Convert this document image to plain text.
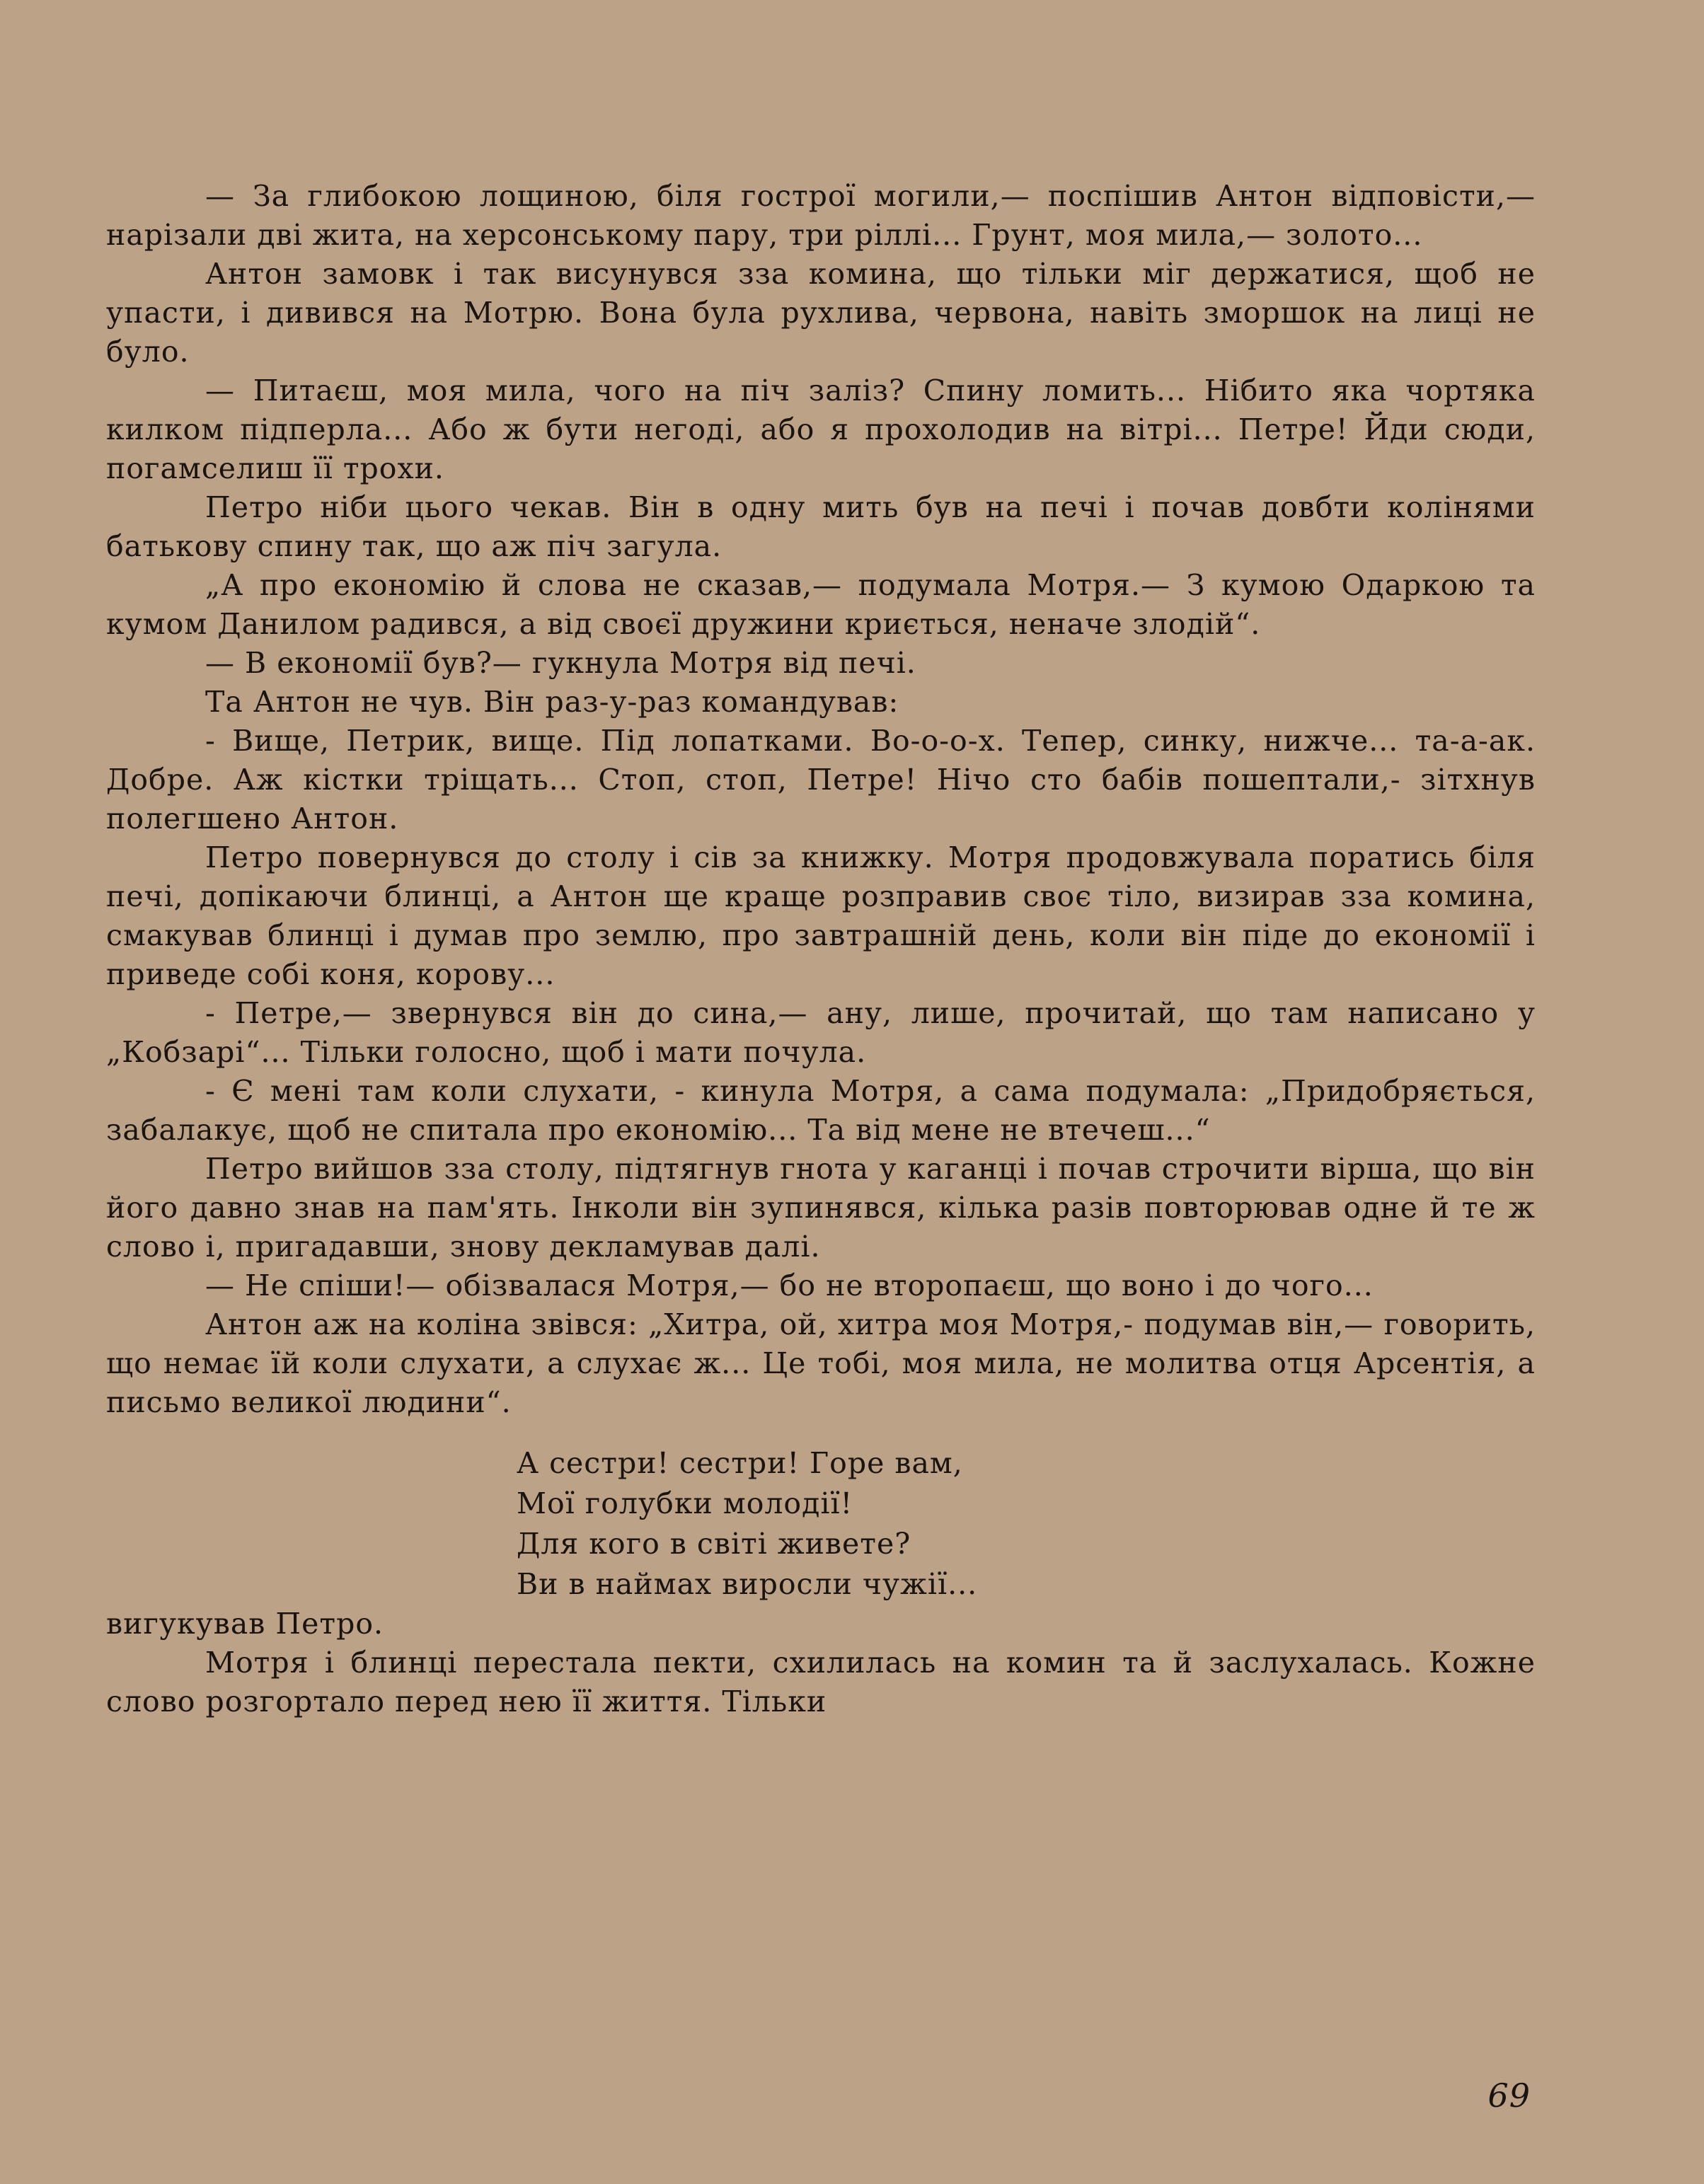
— За глибокою лощиною, біля гострої могили,— поспішив Антон відповісти,— нарізали дві жита, на херсонському пару, три ріллі... Грунт, моя мила,— золото...

Антон замовк і так висунувся зза комина, що тільки міг держатися, щоб не упасти, і дивився на Мотрю. Вона була рухлива, червона, навіть зморшок на лиці не було.

— Питаєш, моя мила, чого на піч заліз? Спину ломить... Нібито яка чортяка килком підперла... Або ж бути негоді, або я прохолодив на вітрі... Петре! Йди сюди, погамселиш її трохи.

Петро ніби цього чекав. Він в одну мить був на печі і почав довбти колінями батькову спину так, що аж піч загула.

„А про економію й слова не сказав,— подумала Мотря.— З кумою Одаркою та кумом Данилом радився, а від своєї дружини криється, неначе злодій“.

— В економії був?— гукнула Мотря від печі.

Та Антон не чув. Він раз-у-раз командував:

- Вище, Петрик, вище. Під лопатками. Во-о-о-х. Тепер, синку, нижче... та-а-ак. Добре. Аж кістки тріщать... Стоп, стоп, Петре! Нічо сто бабів пошептали,- зітхнув полегшено Антон.

Петро повернувся до столу і сів за книжку. Мотря продовжувала поратись біля печі, допікаючи блинці, а Антон ще краще розправив своє тіло, визирав зза комина, смакував блинці і думав про землю, про завтрашній день, коли він піде до економії і приведе собі коня, корову...

- Петре,— звернувся він до сина,— ану, лише, прочитай, що там написано у „Кобзарі“... Тільки голосно, щоб і мати почула.

- Є мені там коли слухати, - кинула Мотря, а сама подумала: „Придобряється, забалакує, щоб не спитала про економію... Та від мене не втечеш...“

Петро вийшов зза столу, підтягнув гнота у каганці і почав строчити вірша, що він його давно знав на пам'ять. Інколи він зупинявся, кілька разів повторював одне й те ж слово і, пригадавши, знову декламував далі.

— Не спіши!— обізвалася Мотря,— бо не второпаєш, що воно і до чого...

Антон аж на коліна звівся: „Хитра, ой, хитра моя Мотря,- подумав він,— говорить, що немає їй коли слухати, а слухає ж... Це тобі, моя мила, не молитва отця Арсентія, а письмо великої людини“.

А сестри! сестри! Горе вам,
Мої голубки молодії!
Для кого в світі живете?
Ви в наймах виросли чужії...

вигукував Петро.

Мотря і блинці перестала пекти, схилилась на комин та й заслухалась. Кожне слово розгортало перед нею її життя. Тільки

69
